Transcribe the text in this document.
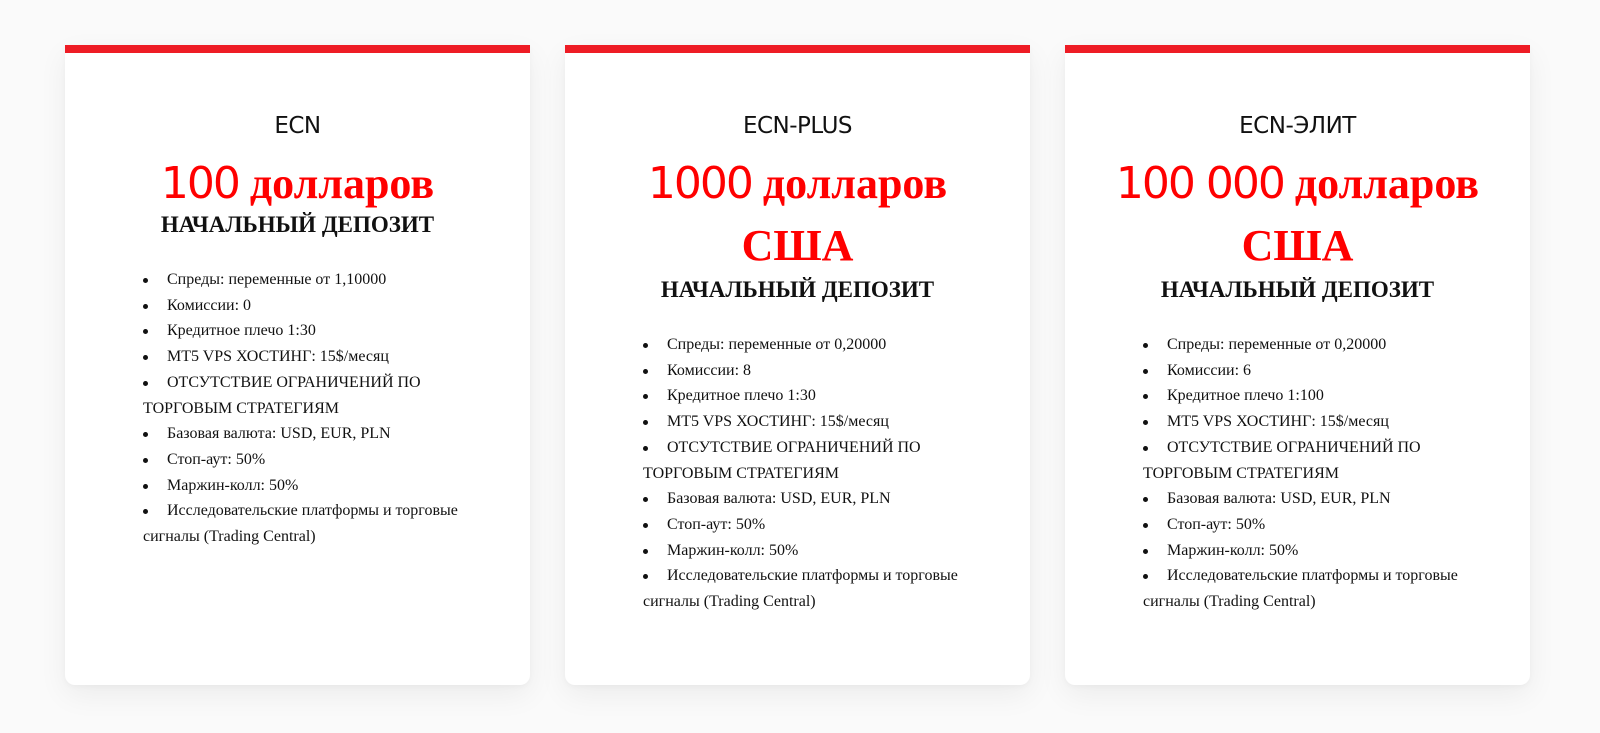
ECN
100 долларов
НАЧАЛЬНЫЙ ДЕПОЗИТ
Спреды: переменные от 1,10000
Комиссии: 0
Кредитное плечо 1:30
MT5 VPS ХОСТИНГ: 15$/месяц
ОТСУТСТВИЕ ОГРАНИЧЕНИЙ ПО ТОРГОВЫМ СТРАТЕГИЯМ
Базовая валюта: USD, EUR, PLN
Стоп-аут: 50%
Маржин-колл: 50%
Исследовательские платформы и торговые сигналы (Trading Central)
ECN-PLUS
1000 долларов
США
НАЧАЛЬНЫЙ ДЕПОЗИТ
Спреды: переменные от 0,20000
Комиссии: 8
Кредитное плечо 1:30
MT5 VPS ХОСТИНГ: 15$/месяц
ОТСУТСТВИЕ ОГРАНИЧЕНИЙ ПО ТОРГОВЫМ СТРАТЕГИЯМ
Базовая валюта: USD, EUR, PLN
Стоп-аут: 50%
Маржин-колл: 50%
Исследовательские платформы и торговые сигналы (Trading Central)
ECN-ЭЛИТ
100 000 долларов
США
НАЧАЛЬНЫЙ ДЕПОЗИТ
Спреды: переменные от 0,20000
Комиссии: 6
Кредитное плечо 1:100
MT5 VPS ХОСТИНГ: 15$/месяц
ОТСУТСТВИЕ ОГРАНИЧЕНИЙ ПО ТОРГОВЫМ СТРАТЕГИЯМ
Базовая валюта: USD, EUR, PLN
Стоп-аут: 50%
Маржин-колл: 50%
Исследовательские платформы и торговые сигналы (Trading Central)
